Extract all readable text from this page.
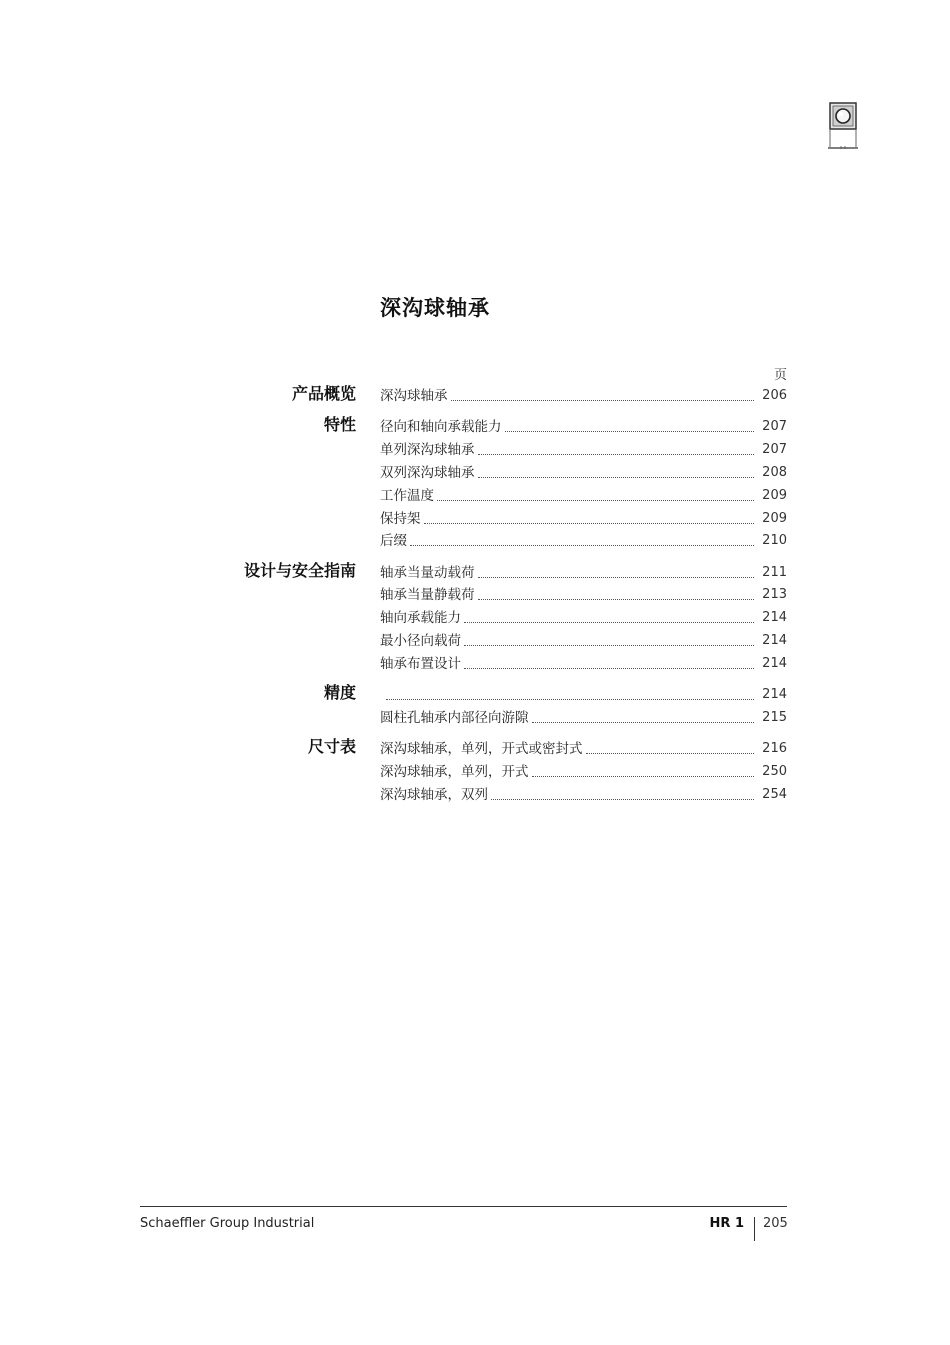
深沟球轴承
页
产品概览 深沟球轴承	206
特性 径向和轴向承载能力	207
单列深沟球轴承	207
双列深沟球轴承	208
工作温度	209
保持架	209
后缀	210
设计与安全指南 轴承当量动载荷	211
轴承当量静载荷	213
轴向承载能力	214
最小径向载荷	214
轴承布置设计	214
精度	214
圆柱孔轴承内部径向游隙	215
尺寸表 深沟球轴承，单列，开式或密封式	216
深沟球轴承，单列，开式	250
深沟球轴承，双列	254
Schaeffler Group Industrial	HR 1 205
